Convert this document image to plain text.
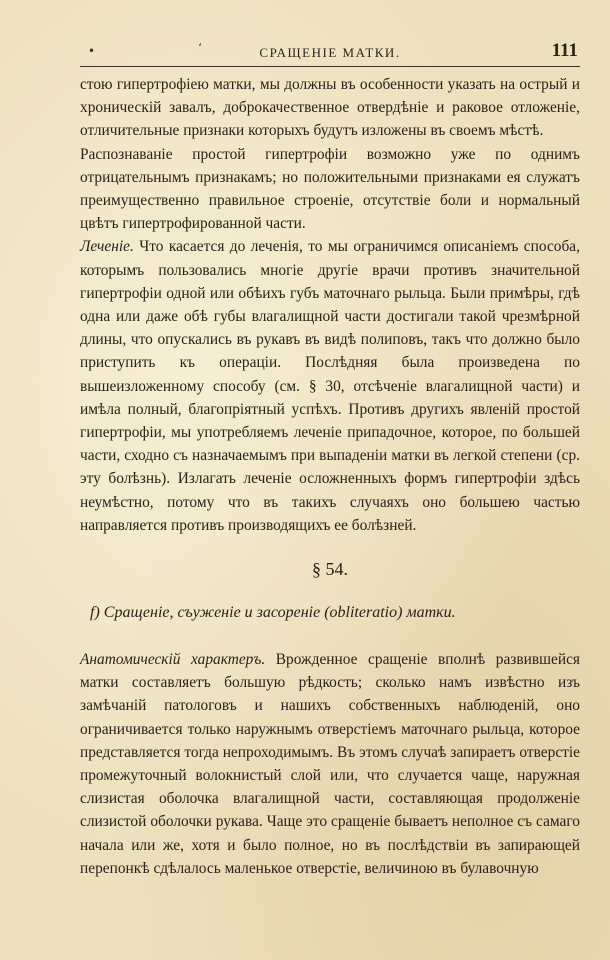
•	‘	СРАЩЕНІЕ МАТКИ.	111

стою гипертрофіею матки, мы должны въ особенности указать на острый и хроническій завалъ, доброкачественное отвердѣніе и раковое отложеніе, отличительные признаки которыхъ будутъ изложены въ своемъ мѣстѣ.

Распознаваніе простой гипертрофіи возможно уже по однимъ отрицательнымъ признакамъ; но положительными признаками ея служатъ преимущественно правильное строеніе, отсутствіе боли и нормальный цвѣтъ гипертрофированной части.

Леченіе. Что касается до леченія, то мы ограничимся описаніемъ способа, которымъ пользовались многіе другіе врачи противъ значительной гипертрофіи одной или обѣихъ губъ маточнаго рыльца. Были примѣры, гдѣ одна или даже обѣ губы влагалищной части достигали такой чрезмѣрной длины, что опускались въ рукавъ въ видѣ полиповъ, такъ что должно было приступить къ операціи. Послѣдняя была произведена по вышеизложенному способу (см. § 30, отсѣченіе влагалищной части) и имѣла полный, благопріятный успѣхъ. Противъ другихъ явленій простой гипертрофіи, мы употребляемъ леченіе припадочное, которое, по большей части, сходно съ назначаемымъ при выпаденіи матки въ легкой степени (ср. эту болѣзнь). Излагать леченіе осложненныхъ формъ гипертрофіи здѣсь неумѣстно, потому что въ такихъ случаяхъ оно большею частью направляется противъ производящихъ ее болѣзней.

§ 54.
f) Сращеніе, съуженіе и засореніе (obliteratio) матки.

Анатомическій характеръ. Врожденное сращеніе вполнѣ развившейся матки составляетъ большую рѣдкость; сколько намъ извѣстно изъ замѣчаній патологовъ и нашихъ собственныхъ наблюденій, оно ограничивается только наружнымъ отверстіемъ маточнаго рыльца, которое представляется тогда непроходимымъ. Въ этомъ случаѣ запираетъ отверстіе промежуточный волокнистый слой или, что случается чаще, наружная слизистая оболочка влагалищной части, составляющая продолженіе слизистой оболочки рукава. Чаще это сращеніе бываетъ неполное съ самаго начала или же, хотя и было полное, но въ послѣдствіи въ запирающей перепонкѣ сдѣлалось маленькое отверстіе, величиною въ булавочную
